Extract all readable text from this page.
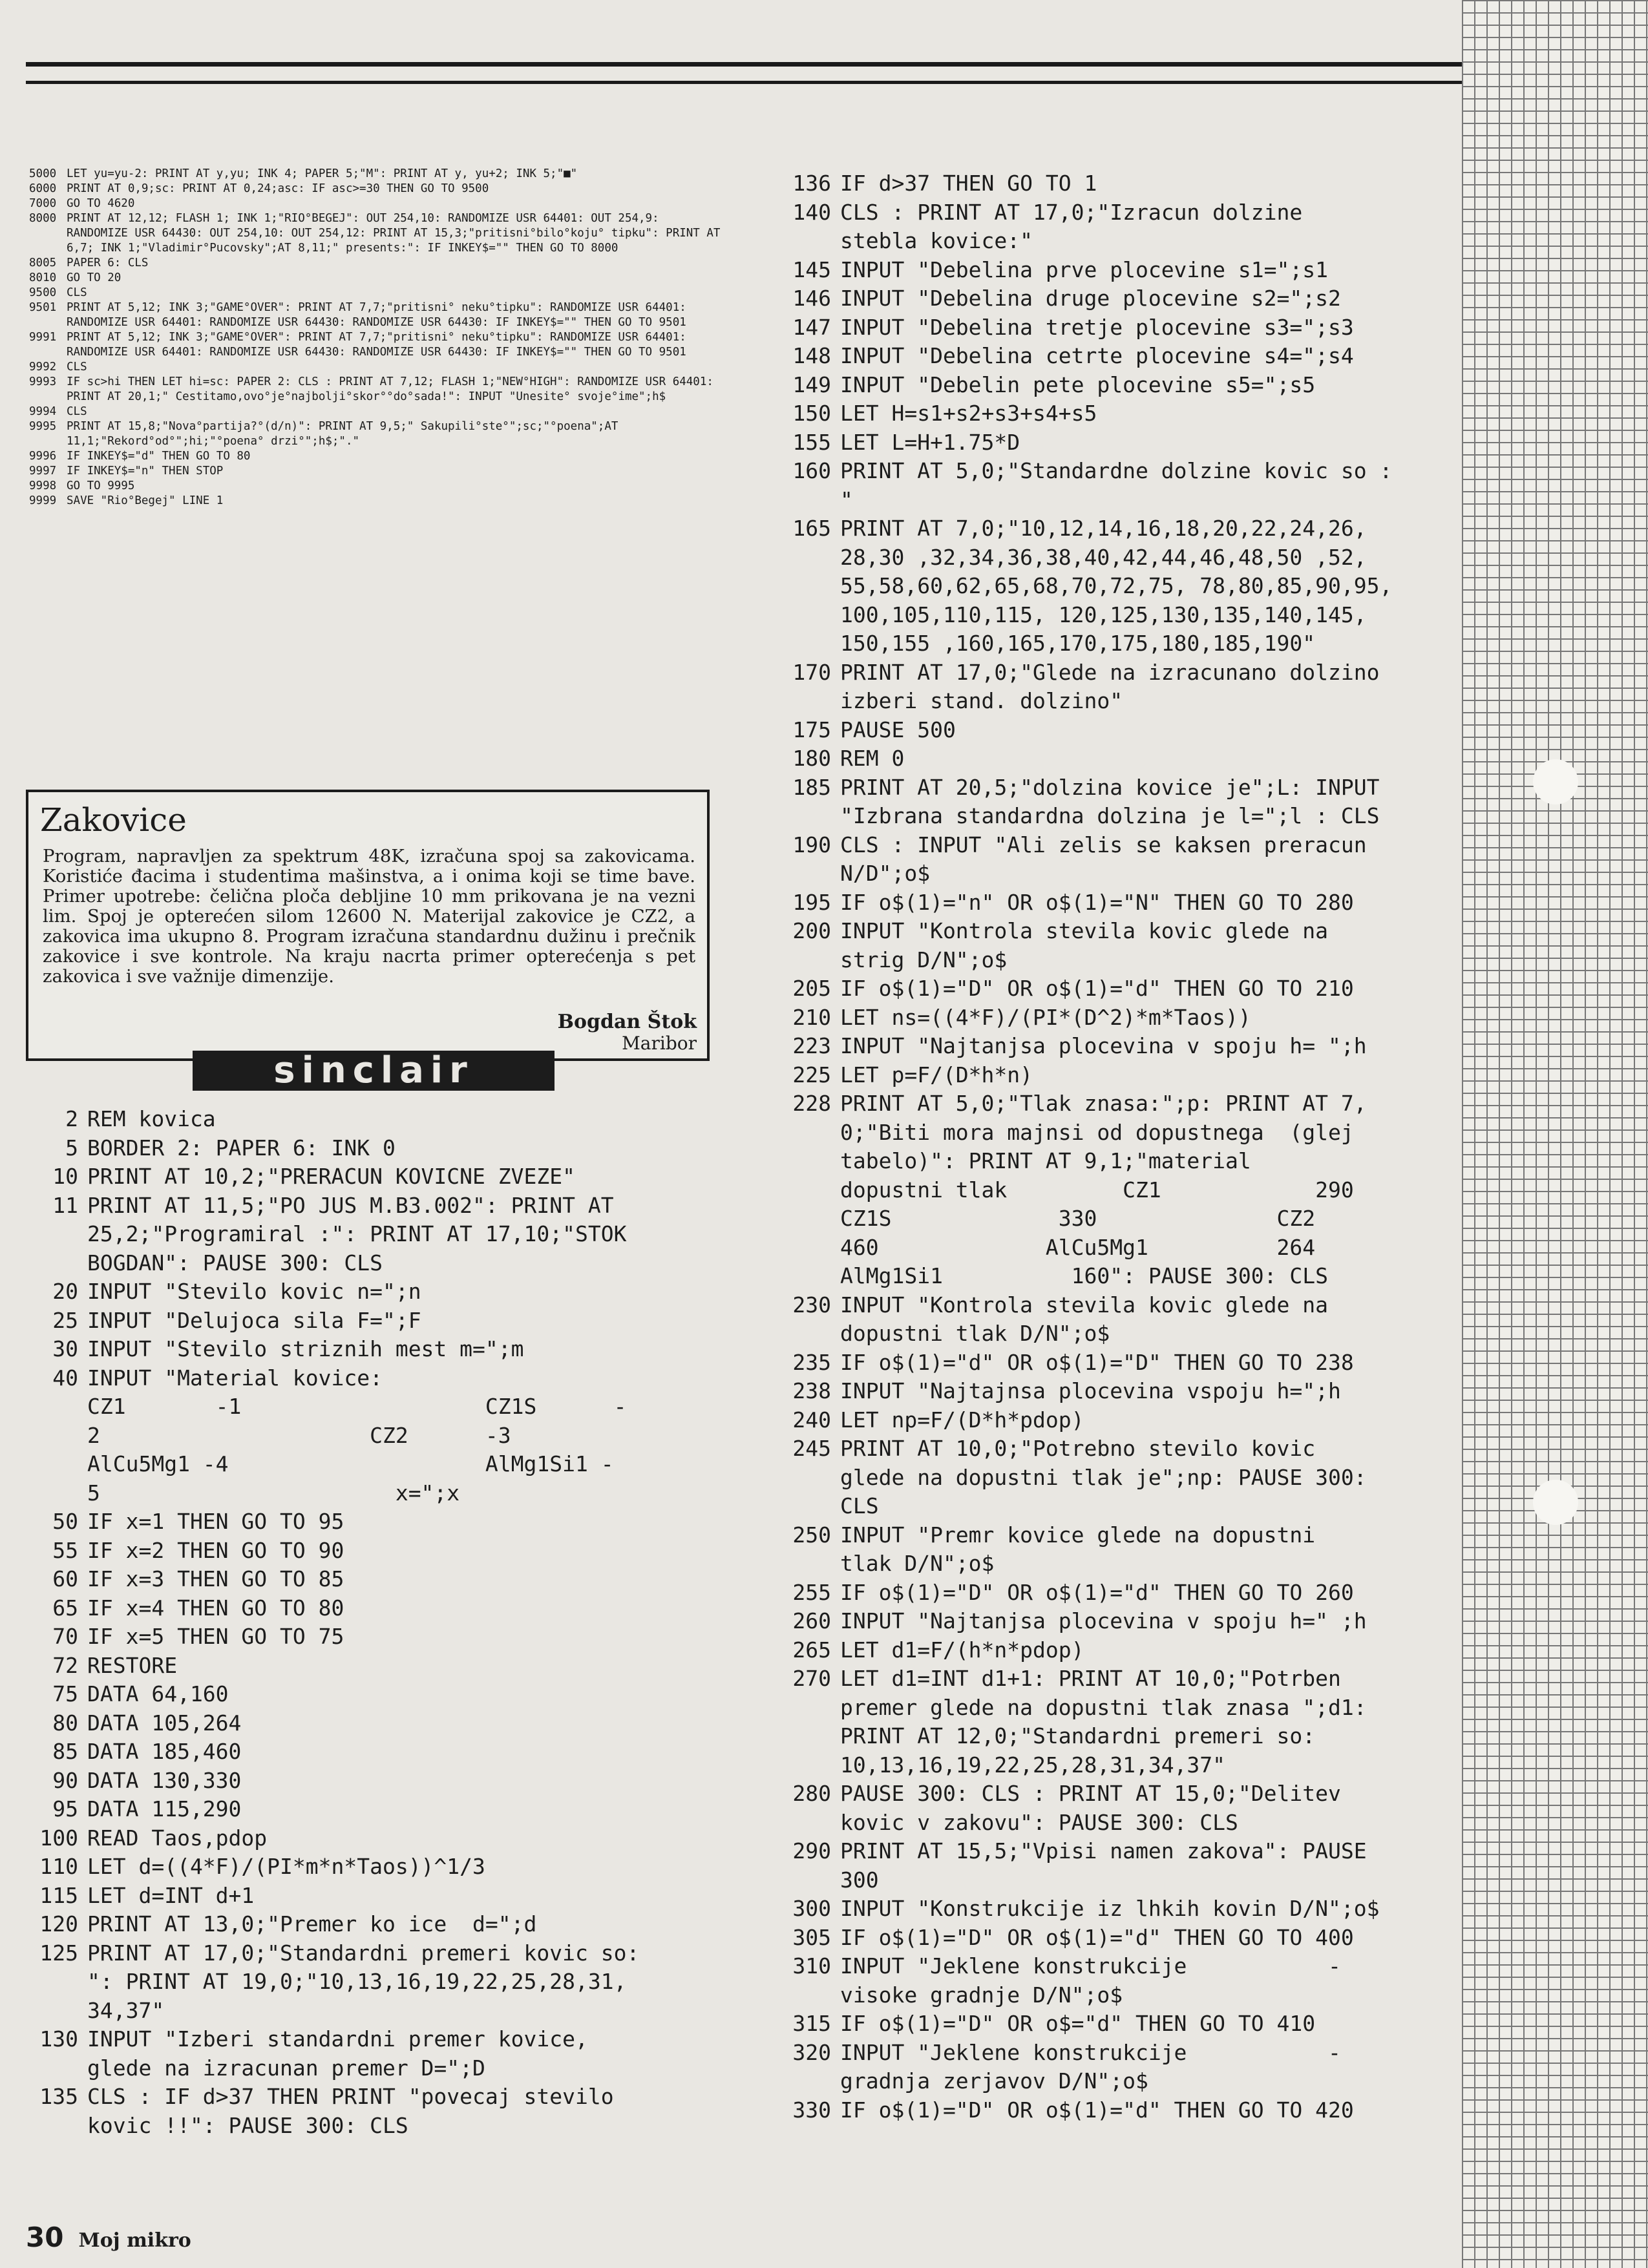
5000 LET yu=yu-2: PRINT AT y,yu; INK 4; PAPER 5;"M": PRINT AT y, yu+2; INK 5;"■"
6000 PRINT AT 0,9;sc: PRINT AT 0,24;asc: IF asc>=30 THEN GO TO 9500
7000 GO TO 4620
8000 PRINT AT 12,12; FLASH 1; INK 1;"RIO°BEGEJ": OUT 254,10: RANDOMIZE USR 64401: OUT 254,9: RANDOMIZE USR 64430: OUT 254,10: OUT 254,12: PRINT AT 15,3;"pritisni°bilo°koju° tipku": PRINT AT 6,7; INK 1;"Vladimir°Pucovsky";AT 8,11;" presents:": IF INKEY$="" THEN GO TO 8000
8005 PAPER 6: CLS
8010 GO TO 20
9500 CLS
9501 PRINT AT 5,12; INK 3;"GAME°OVER": PRINT AT 7,7;"pritisni° neku°tipku": RANDOMIZE USR 64401: RANDOMIZE USR 64401: RANDOMIZE USR 64430: RANDOMIZE USR 64430: IF INKEY$="" THEN GO TO 9501
9991 PRINT AT 5,12; INK 3;"GAME°OVER": PRINT AT 7,7;"pritisni° neku°tipku": RANDOMIZE USR 64401: RANDOMIZE USR 64401: RANDOMIZE USR 64430: RANDOMIZE USR 64430: IF INKEY$="" THEN GO TO 9501
9992 CLS
9993 IF sc>hi THEN LET hi=sc: PAPER 2: CLS : PRINT AT 7,12; FLASH 1;"NEW°HIGH": RANDOMIZE USR 64401: PRINT AT 20,1;" Cestitamo,ovo°je°najbolji°skor°°do°sada!": INPUT "Unesite° svoje°ime";h$
9994 CLS
9995 PRINT AT 15,8;"Nova°partija?°(d/n)": PRINT AT 9,5;" Sakupili°ste°";sc;"°poena";AT 11,1;"Rekord°od°";hi;"°poena° drzi°";h$;"."
9996 IF INKEY$="d" THEN GO TO 80
9997 IF INKEY$="n" THEN STOP
9998 GO TO 9995
9999 SAVE "Rio°Begej" LINE 1
Zakovice
Program, napravljen za spektrum 48K, izračuna spoj sa zakovicama. Koristiće đacima i studentima mašinstva, a i onima koji se time bave. Primer upotrebe: čelična ploča debljine 10 mm prikovana je na vezni lim. Spoj je opterećen silom 12600 N. Materijal zakovice je CZ2, a zakovica ima ukupno 8. Program izračuna standardnu dužinu i prečnik zakovice i sve kontrole. Na kraju nacrta primer opterećenja s pet zakovica i sve važnije dimenzije.
Bogdan Štok
Maribor
sinclair
2 REM kovica
5 BORDER 2: PAPER 6: INK 0
10 PRINT AT 10,2;"PRERACUN KOVICNE ZVEZE"
11 PRINT AT 11,5;"PO JUS M.B3.002": PRINT AT
25,2;"Programiral :": PRINT AT 17,10;"STOK
BOGDAN": PAUSE 300: CLS
20 INPUT "Stevilo kovic n=";n
25 INPUT "Delujoca sila F=";F
30 INPUT "Stevilo striznih mest m=";m
40 INPUT "Material kovice:
CZ1       -1                   CZ1S      -
2                     CZ2      -3
AlCu5Mg1 -4                    AlMg1Si1 -
5                       x=";x
50 IF x=1 THEN GO TO 95
55 IF x=2 THEN GO TO 90
60 IF x=3 THEN GO TO 85
65 IF x=4 THEN GO TO 80
70 IF x=5 THEN GO TO 75
72 RESTORE
75 DATA 64,160
80 DATA 105,264
85 DATA 185,460
90 DATA 130,330
95 DATA 115,290
100 READ Taos,pdop
110 LET d=((4*F)/(PI*m*n*Taos))^1/3
115 LET d=INT d+1
120 PRINT AT 13,0;"Premer ko ice  d=";d
125 PRINT AT 17,0;"Standardni premeri kovic so:
": PRINT AT 19,0;"10,13,16,19,22,25,28,31,
34,37"
130 INPUT "Izberi standardni premer kovice,
glede na izracunan premer D=";D
135 CLS : IF d>37 THEN PRINT "povecaj stevilo
kovic !!": PAUSE 300: CLS
136 IF d>37 THEN GO TO 1
140 CLS : PRINT AT 17,0;"Izracun dolzine
stebla kovice:"
145 INPUT "Debelina prve plocevine s1=";s1
146 INPUT "Debelina druge plocevine s2=";s2
147 INPUT "Debelina tretje plocevine s3=";s3
148 INPUT "Debelina cetrte plocevine s4=";s4
149 INPUT "Debelin pete plocevine s5=";s5
150 LET H=s1+s2+s3+s4+s5
155 LET L=H+1.75*D
160 PRINT AT 5,0;"Standardne dolzine kovic so :
"
165 PRINT AT 7,0;"10,12,14,16,18,20,22,24,26,
28,30 ,32,34,36,38,40,42,44,46,48,50 ,52,
55,58,60,62,65,68,70,72,75, 78,80,85,90,95,
100,105,110,115, 120,125,130,135,140,145,
150,155 ,160,165,170,175,180,185,190"
170 PRINT AT 17,0;"Glede na izracunano dolzino
izberi stand. dolzino"
175 PAUSE 500

180 REM 0
185 PRINT AT 20,5;"dolzina kovice je";L: INPUT
"Izbrana standardna dolzina je l=";l : CLS
190 CLS : INPUT "Ali zelis se kaksen preracun
N/D";o$
195 IF o$(1)="n" OR o$(1)="N" THEN GO TO 280
200 INPUT "Kontrola stevila kovic glede na
strig D/N";o$
205 IF o$(1)="D" OR o$(1)="d" THEN GO TO 210
210 LET ns=((4*F)/(PI*(D^2)*m*Taos))
223 INPUT "Najtanjsa plocevina v spoju h= ";h
225 LET p=F/(D*h*n)
228 PRINT AT 5,0;"Tlak znasa:";p: PRINT AT 7,
0;"Biti mora majnsi od dopustnega  (glej
tabelo)": PRINT AT 9,1;"material
dopustni tlak         CZ1            290
CZ1S             330              CZ2
460             AlCu5Mg1          264
AlMg1Si1          160": PAUSE 300: CLS
230 INPUT "Kontrola stevila kovic glede na
dopustni tlak D/N";o$
235 IF o$(1)="d" OR o$(1)="D" THEN GO TO 238
238 INPUT "Najtajnsa plocevina vspoju h=";h
240 LET np=F/(D*h*pdop)
245 PRINT AT 10,0;"Potrebno stevilo kovic
glede na dopustni tlak je";np: PAUSE 300:
CLS
250 INPUT "Premr kovice glede na dopustni
tlak D/N";o$
255 IF o$(1)="D" OR o$(1)="d" THEN GO TO 260
260 INPUT "Najtanjsa plocevina v spoju h=" ;h
265 LET d1=F/(h*n*pdop)
270 LET d1=INT d1+1: PRINT AT 10,0;"Potrben
premer glede na dopustni tlak znasa ";d1:
PRINT AT 12,0;"Standardni premeri so:
10,13,16,19,22,25,28,31,34,37"
280 PAUSE 300: CLS : PRINT AT 15,0;"Delitev
kovic v zakovu": PAUSE 300: CLS
290 PRINT AT 15,5;"Vpisi namen zakova": PAUSE
300
300 INPUT "Konstrukcije iz lhkih kovin D/N";o$
305 IF o$(1)="D" OR o$(1)="d" THEN GO TO 400
310 INPUT "Jeklene konstrukcije           -
visoke gradnje D/N";o$
315 IF o$(1)="D" OR o$="d" THEN GO TO 410
320 INPUT "Jeklene konstrukcije           -
gradnja zerjavov D/N";o$
330 IF o$(1)="D" OR o$(1)="d" THEN GO TO 420
30 Moj mikro
